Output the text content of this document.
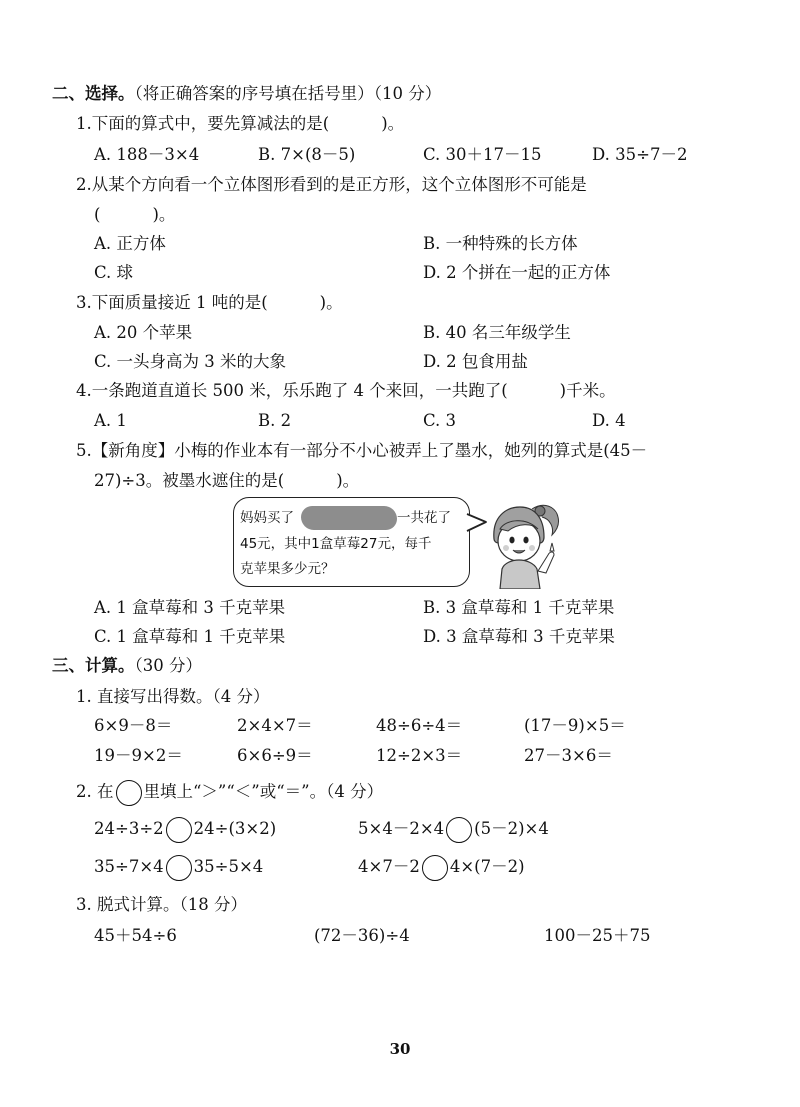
二、选择。（将正确答案的序号填在括号里）（10 分）
1.下面的算式中，要先算减法的是(	)。
A. 188－3×4	B. 7×(8－5)	C. 30＋17－15	D. 35÷7－2
2.从某个方向看一个立体图形看到的是正方形，这个立体图形不可能是
(	)。
A. 正方体	B. 一种特殊的长方体
C. 球	D. 2 个拼在一起的正方体
3.下面质量接近 1 吨的是(	)。
A. 20 个苹果	B. 40 名三年级学生
C. 一头身高为 3 米的大象	D. 2 包食用盐
4.一条跑道直道长 500 米，乐乐跑了 4 个来回，一共跑了(	)千米。
A. 1	B. 2	C. 3	D. 4
5.【新角度】小梅的作业本有一部分不小心被弄上了墨水，她列的算式是(45－
27)÷3。被墨水遮住的是(	)。
妈妈买了	一共花了
45元，其中1盒草莓27元，每千
克苹果多少元？
A. 1 盒草莓和 3 千克苹果	B. 3 盒草莓和 1 千克苹果
C. 1 盒草莓和 1 千克苹果	D. 3 盒草莓和 3 千克苹果
三、计算。（30 分）
1. 直接写出得数。（4 分）
6×9－8＝	2×4×7＝	48÷6÷4＝	(17－9)×5＝
19－9×2＝	6×6÷9＝	12÷2×3＝	27－3×6＝
2. 在 里填上“＞”“＜”或“＝”。（4 分）
24÷3÷2 24÷(3×2)	5×4－2×4 (5－2)×4
35÷7×4 35÷5×4	4×7－2 4×(7－2)
3. 脱式计算。（18 分）
45＋54÷6	(72－36)÷4	100－25＋75
30
